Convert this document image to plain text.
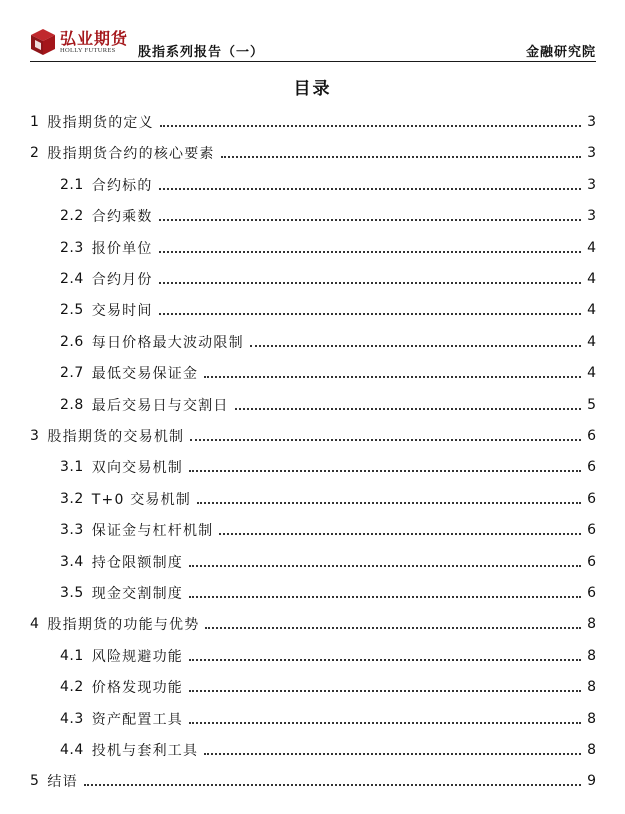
弘业期货
HOLLY FUTURES 股指系列报告（一）	金融研究院
目录
1 股指期货的定义	3
2 股指期货合约的核心要素	3
2.1 合约标的	3
2.2 合约乘数	3
2.3 报价单位	4
2.4 合约月份	4
2.5 交易时间	4
2.6 每日价格最大波动限制	4
2.7 最低交易保证金	4
2.8 最后交易日与交割日	5
3 股指期货的交易机制	6
3.1 双向交易机制	6
3.2 T+0 交易机制	6
3.3 保证金与杠杆机制	6
3.4 持仓限额制度	6
3.5 现金交割制度	6
4 股指期货的功能与优势	8
4.1 风险规避功能	8
4.2 价格发现功能	8
4.3 资产配置工具	8
4.4 投机与套利工具	8
5 结语	9
